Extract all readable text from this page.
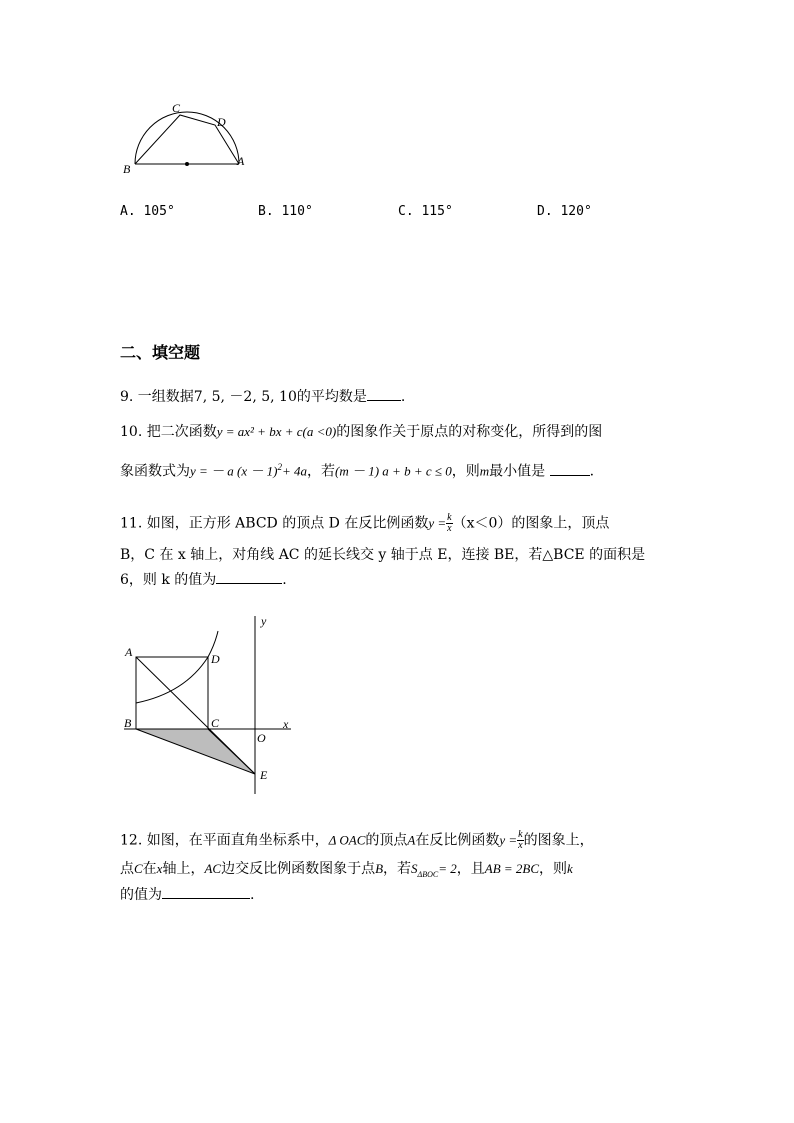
C
D
B
A
A. 105°	B. 110°	C. 115°	D. 120°
二、填空题
9. 一组数据7, 5, －2, 5, 10的平均数是 .
10. 把二次函数y = ax² + bx + c(a <0)的图象作关于原点的对称变化，所得到的图
象函数式为y = － a $(x - 1)^2+ 4a$，若(m － 1) a + b + c ≤ 0，则m最小值是	.
11. 如图，正方形 ABCD 的顶点 D 在反比例函数$y = \frac{k}{x} (x<0)$的图象上，顶点
B，C 在 x 轴上，对角线 AC 的延长线交 y 轴于点 E，连接 BE，若△BCE 的面积是
6，则 k 的值为	.
y
A	D
B	C
O
x
E
12. 如图，在平面直角坐标系中，Δ OAC的顶点A在反比例函数$y = \frac{k}{x}$ 的图象上，
点C在x轴上，AC边交反比例函数图象于点B，若$S_{\Delta BOC}= 2$，且AB = 2BC，则k
的值为	.
